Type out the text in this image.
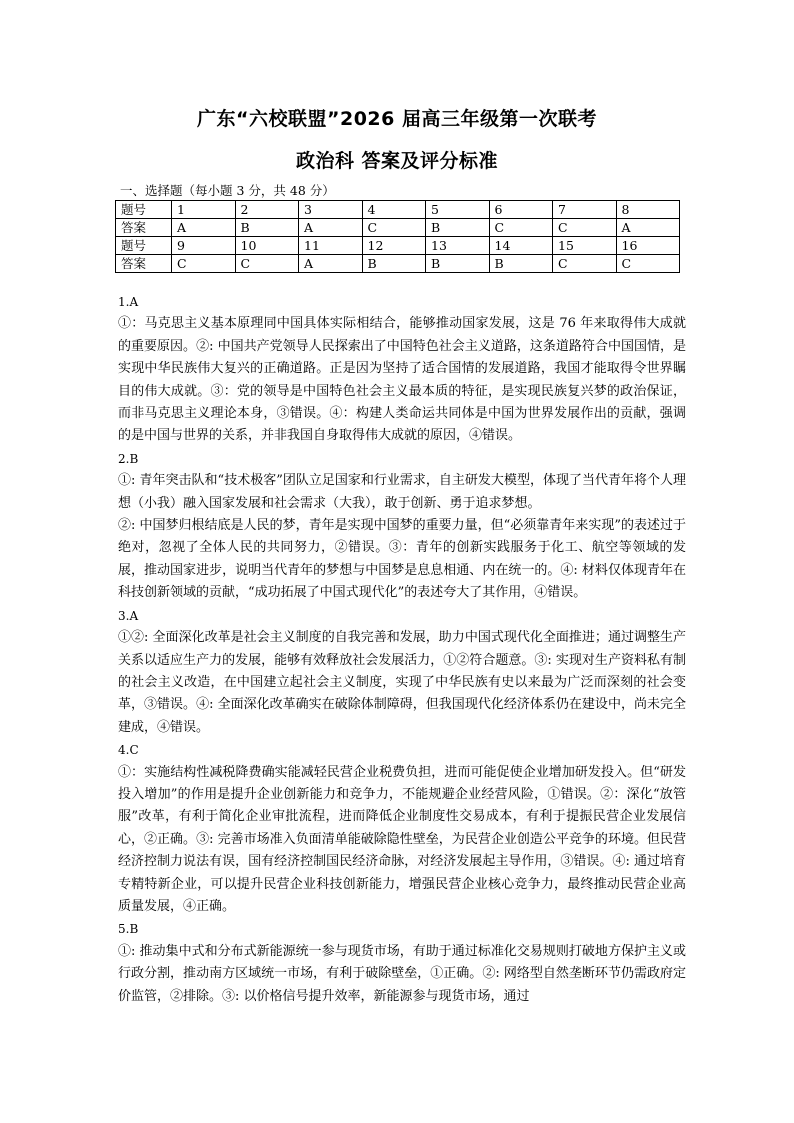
广东“六校联盟”2026 届高三年级第一次联考
政治科 答案及评分标准
一、选择题（每小题 3 分，共 48 分）
题号	1	2	3	4	5	6	7	8
答案	A	B	A	C	B	C	C	A
题号	9	10	11	12	13	14	15	16
答案	C	C	A	B	B	B	C	C

1.A

①：马克思主义基本原理同中国具体实际相结合，能够推动国家发展，这是 76 年来取得伟大成就的重要原因。②: 中国共产党领导人民探索出了中国特色社会主义道路，这条道路符合中国国情，是实现中华民族伟大复兴的正确道路。正是因为坚持了适合国情的发展道路，我国才能取得令世界瞩目的伟大成就。③：党的领导是中国特色社会主义最本质的特征，是实现民族复兴梦的政治保证，而非马克思主义理论本身，③错误。④：构建人类命运共同体是中国为世界发展作出的贡献，强调的是中国与世界的关系，并非我国自身取得伟大成就的原因，④错误。

2.B

①: 青年突击队和“技术极客”团队立足国家和行业需求，自主研发大模型，体现了当代青年将个人理想（小我）融入国家发展和社会需求（大我），敢于创新、勇于追求梦想。

②: 中国梦归根结底是人民的梦，青年是实现中国梦的重要力量，但“必须靠青年来实现”的表述过于绝对，忽视了全体人民的共同努力，②错误。③：青年的创新实践服务于化工、航空等领域的发展，推动国家进步，说明当代青年的梦想与中国梦是息息相通、内在统一的。④: 材料仅体现青年在科技创新领域的贡献，“成功拓展了中国式现代化”的表述夸大了其作用，④错误。

3.A

①②: 全面深化改革是社会主义制度的自我完善和发展，助力中国式现代化全面推进；通过调整生产关系以适应生产力的发展，能够有效释放社会发展活力，①②符合题意。③: 实现对生产资料私有制的社会主义改造，在中国建立起社会主义制度，实现了中华民族有史以来最为广泛而深刻的社会变革，③错误。④: 全面深化改革确实在破除体制障碍，但我国现代化经济体系仍在建设中，尚未完全建成，④错误。

4.C

①：实施结构性减税降费确实能减轻民营企业税费负担，进而可能促使企业增加研发投入。但“研发投入增加”的作用是提升企业创新能力和竞争力，不能规避企业经营风险，①错误。②：深化“放管服”改革，有利于简化企业审批流程，进而降低企业制度性交易成本，有利于提振民营企业发展信心，②正确。③: 完善市场准入负面清单能破除隐性壁垒，为民营企业创造公平竞争的环境。但民营经济控制力说法有误，国有经济控制国民经济命脉，对经济发展起主导作用，③错误。④: 通过培育专精特新企业，可以提升民营企业科技创新能力，增强民营企业核心竞争力，最终推动民营企业高质量发展，④正确。

5.B

①: 推动集中式和分布式新能源统一参与现货市场，有助于通过标准化交易规则打破地方保护主义或行政分割，推动南方区域统一市场，有利于破除壁垒，①正确。②: 网络型自然垄断环节仍需政府定价监管，②排除。③: 以价格信号提升效率，新能源参与现货市场，通过
